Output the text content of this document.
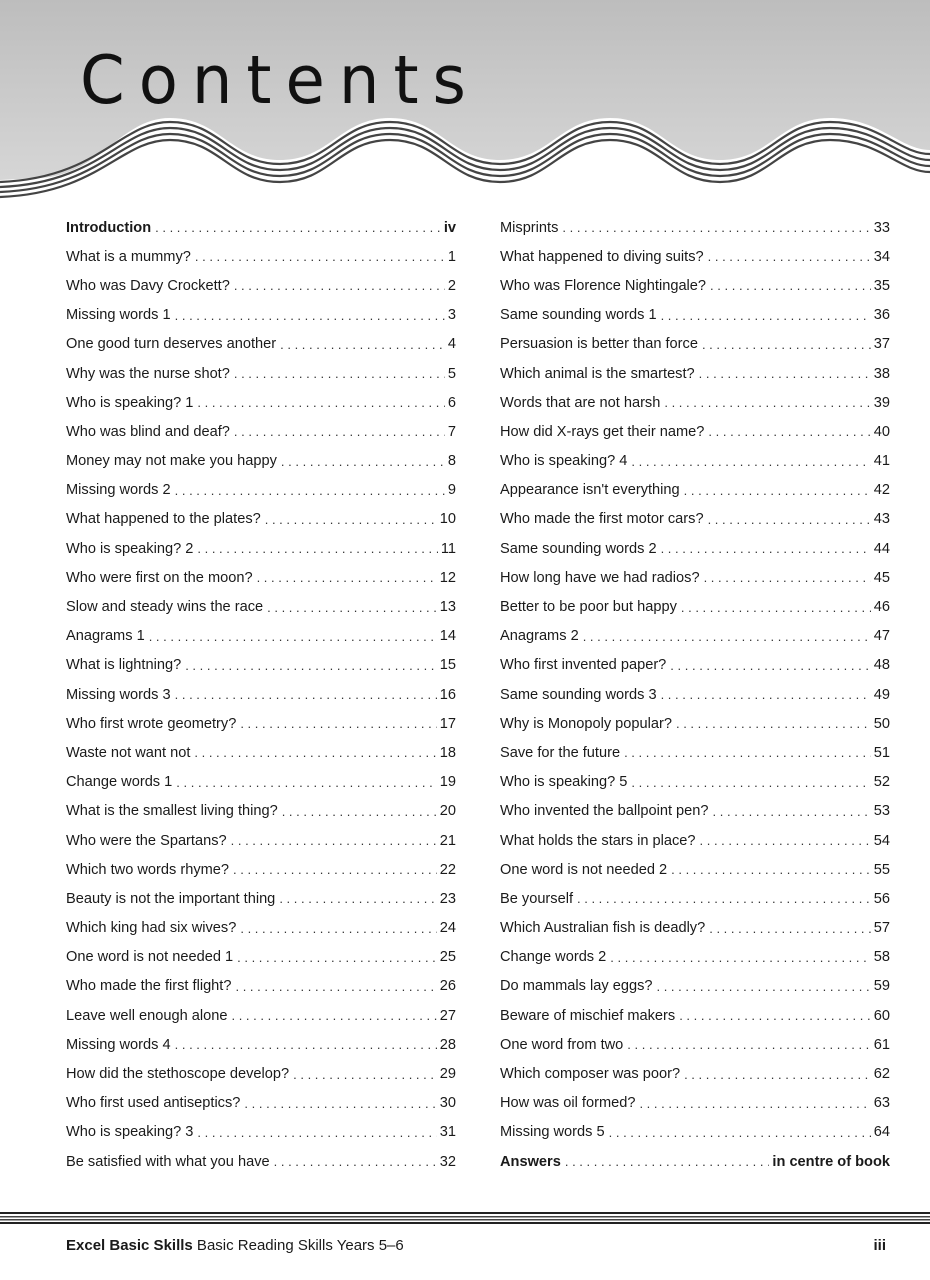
Contents
Introduction . . .	iv
What is a mummy? . . .	1
Who was Davy Crockett? . . .	2
Missing words 1 . . .	3
One good turn deserves another . . .	4
Why was the nurse shot? . . .	5
Who is speaking? 1 . . .	6
Who was blind and deaf? . . .	7
Money may not make you happy . . .	8
Missing words 2 . . .	9
What happened to the plates? . . .	10
Who is speaking? 2 . . .	11
Who were first on the moon? . . .	12
Slow and steady wins the race . . .	13
Anagrams 1 . . .	14
What is lightning? . . .	15
Missing words 3 . . .	16
Who first wrote geometry? . . .	17
Waste not want not . . .	18
Change words 1 . . .	19
What is the smallest living thing? . . .	20
Who were the Spartans? . . .	21
Which two words rhyme? . . .	22
Beauty is not the important thing . . .	23
Which king had six wives? . . .	24
One word is not needed 1 . . .	25
Who made the first flight? . . .	26
Leave well enough alone . . .	27
Missing words 4 . . .	28
How did the stethoscope develop? . . .	29
Who first used antiseptics? . . .	30
Who is speaking? 3 . . .	31
Be satisfied with what you have . . .	32
Misprints . . .	33
What happened to diving suits? . . .	34
Who was Florence Nightingale? . . .	35
Same sounding words 1 . . .	36
Persuasion is better than force . . .	37
Which animal is the smartest? . . .	38
Words that are not harsh . . .	39
How did X-rays get their name? . . .	40
Who is speaking? 4 . . .	41
Appearance isn't everything . . .	42
Who made the first motor cars? . . .	43
Same sounding words 2 . . .	44
How long have we had radios? . . .	45
Better to be poor but happy . . .	46
Anagrams 2 . . .	47
Who first invented paper? . . .	48
Same sounding words 3 . . .	49
Why is Monopoly popular? . . .	50
Save for the future . . .	51
Who is speaking? 5 . . .	52
Who invented the ballpoint pen? . . .	53
What holds the stars in place? . . .	54
One word is not needed 2 . . .	55
Be yourself . . .	56
Which Australian fish is deadly? . . .	57
Change words 2 . . .	58
Do mammals lay eggs? . . .	59
Beware of mischief makers . . .	60
One word from two . . .	61
Which composer was poor? . . .	62
How was oil formed? . . .	63
Missing words 5 . . .	64
Answers . . .	in centre of book
Excel Basic Skills Basic Reading Skills Years 5–6	iii
